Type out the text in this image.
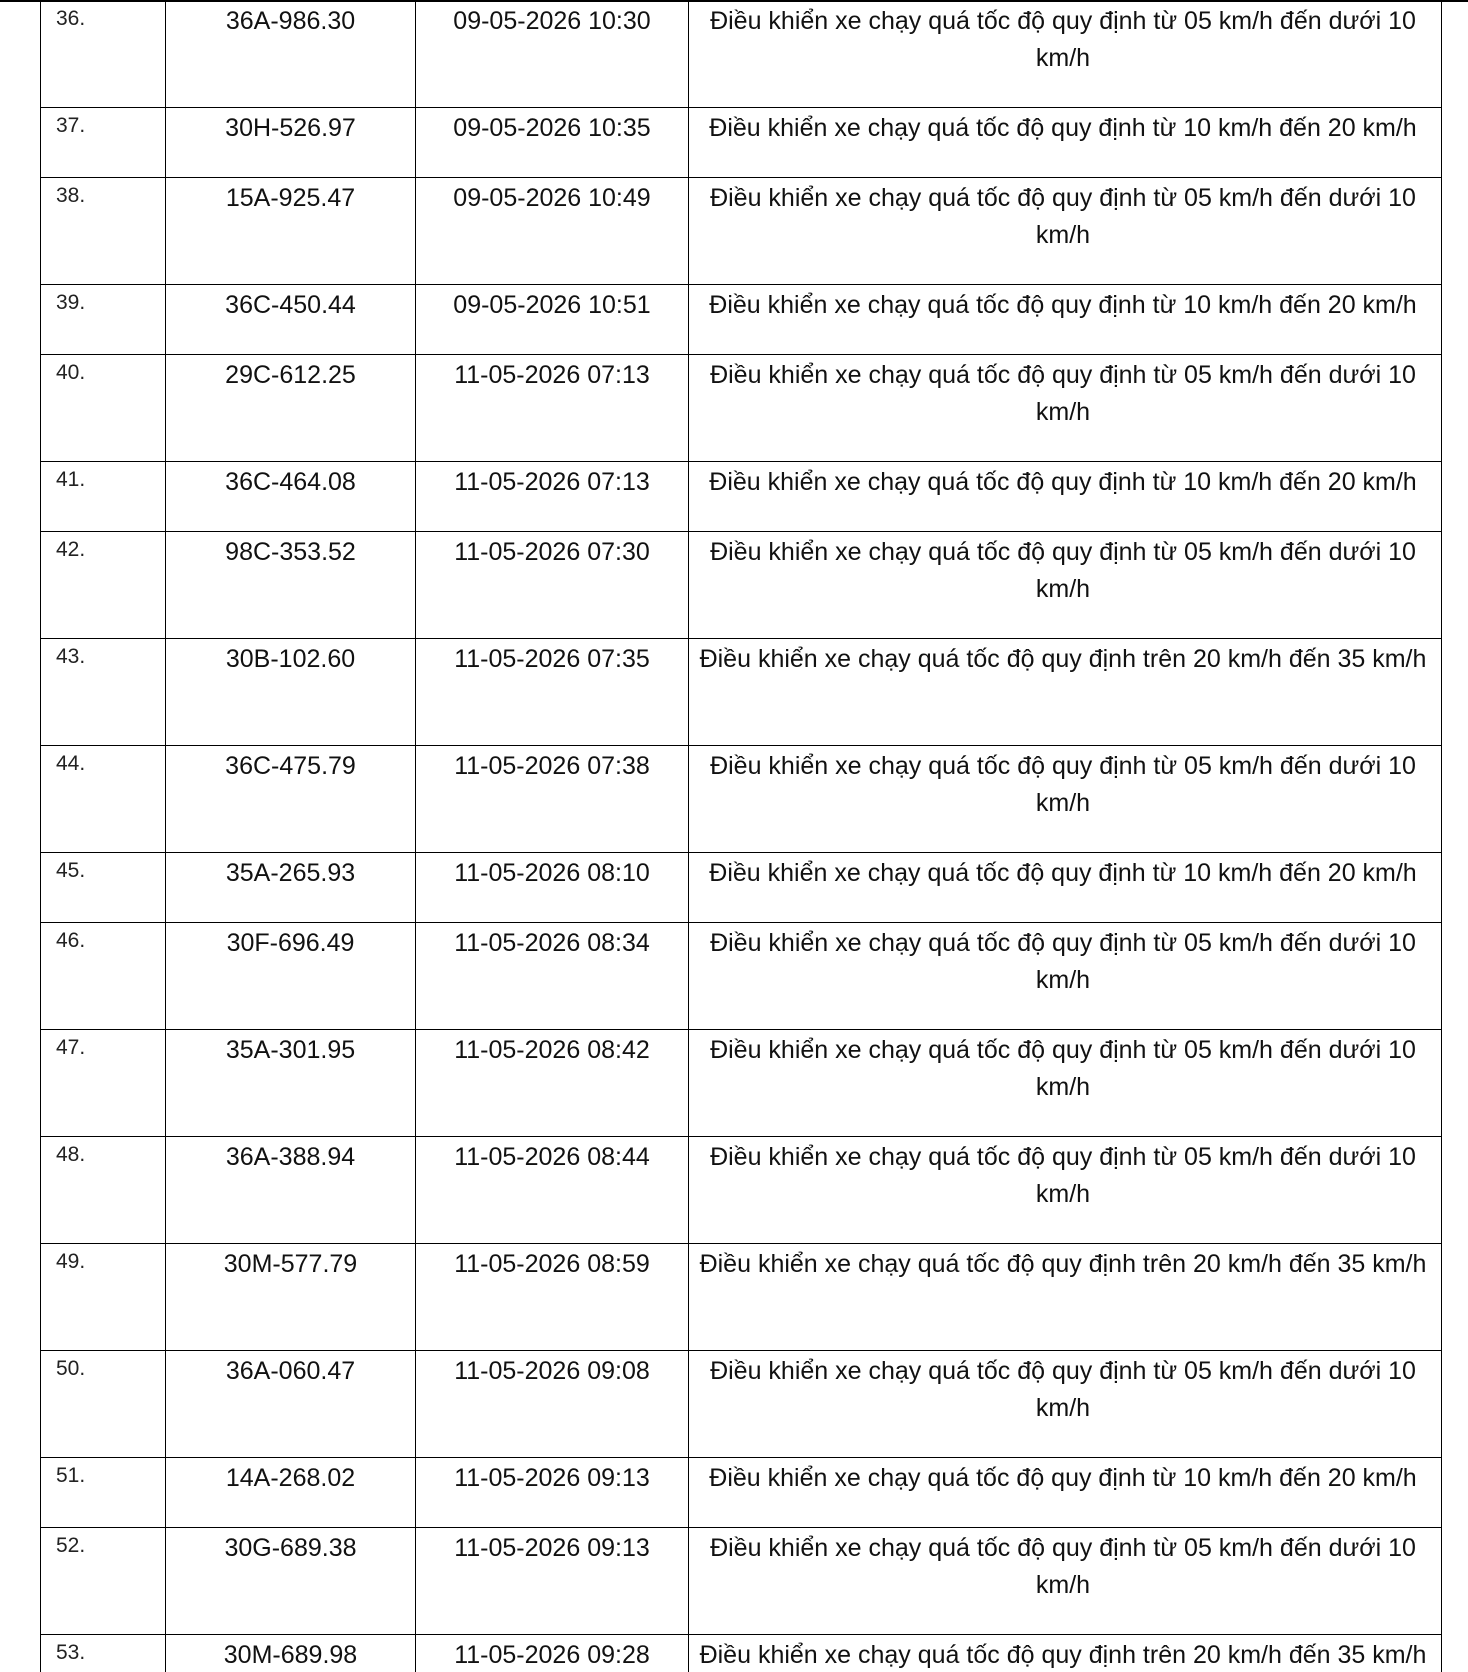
36.	36A-986.30	09-05-2026 10:30	Điều khiển xe chạy quá tốc độ quy định từ 05 km/h đến dưới 10 km/h
37.	30H-526.97	09-05-2026 10:35	Điều khiển xe chạy quá tốc độ quy định từ 10 km/h đến 20 km/h
38.	15A-925.47	09-05-2026 10:49	Điều khiển xe chạy quá tốc độ quy định từ 05 km/h đến dưới 10 km/h
39.	36C-450.44	09-05-2026 10:51	Điều khiển xe chạy quá tốc độ quy định từ 10 km/h đến 20 km/h
40.	29C-612.25	11-05-2026 07:13	Điều khiển xe chạy quá tốc độ quy định từ 05 km/h đến dưới 10 km/h
41.	36C-464.08	11-05-2026 07:13	Điều khiển xe chạy quá tốc độ quy định từ 10 km/h đến 20 km/h
42.	98C-353.52	11-05-2026 07:30	Điều khiển xe chạy quá tốc độ quy định từ 05 km/h đến dưới 10 km/h
43.	30B-102.60	11-05-2026 07:35	Điều khiển xe chạy quá tốc độ quy định trên 20 km/h đến 35 km/h
44.	36C-475.79	11-05-2026 07:38	Điều khiển xe chạy quá tốc độ quy định từ 05 km/h đến dưới 10 km/h
45.	35A-265.93	11-05-2026 08:10	Điều khiển xe chạy quá tốc độ quy định từ 10 km/h đến 20 km/h
46.	30F-696.49	11-05-2026 08:34	Điều khiển xe chạy quá tốc độ quy định từ 05 km/h đến dưới 10 km/h
47.	35A-301.95	11-05-2026 08:42	Điều khiển xe chạy quá tốc độ quy định từ 05 km/h đến dưới 10 km/h
48.	36A-388.94	11-05-2026 08:44	Điều khiển xe chạy quá tốc độ quy định từ 05 km/h đến dưới 10 km/h
49.	30M-577.79	11-05-2026 08:59	Điều khiển xe chạy quá tốc độ quy định trên 20 km/h đến 35 km/h
50.	36A-060.47	11-05-2026 09:08	Điều khiển xe chạy quá tốc độ quy định từ 05 km/h đến dưới 10 km/h
51.	14A-268.02	11-05-2026 09:13	Điều khiển xe chạy quá tốc độ quy định từ 10 km/h đến 20 km/h
52.	30G-689.38	11-05-2026 09:13	Điều khiển xe chạy quá tốc độ quy định từ 05 km/h đến dưới 10 km/h
53.	30M-689.98	11-05-2026 09:28	Điều khiển xe chạy quá tốc độ quy định trên 20 km/h đến 35 km/h
